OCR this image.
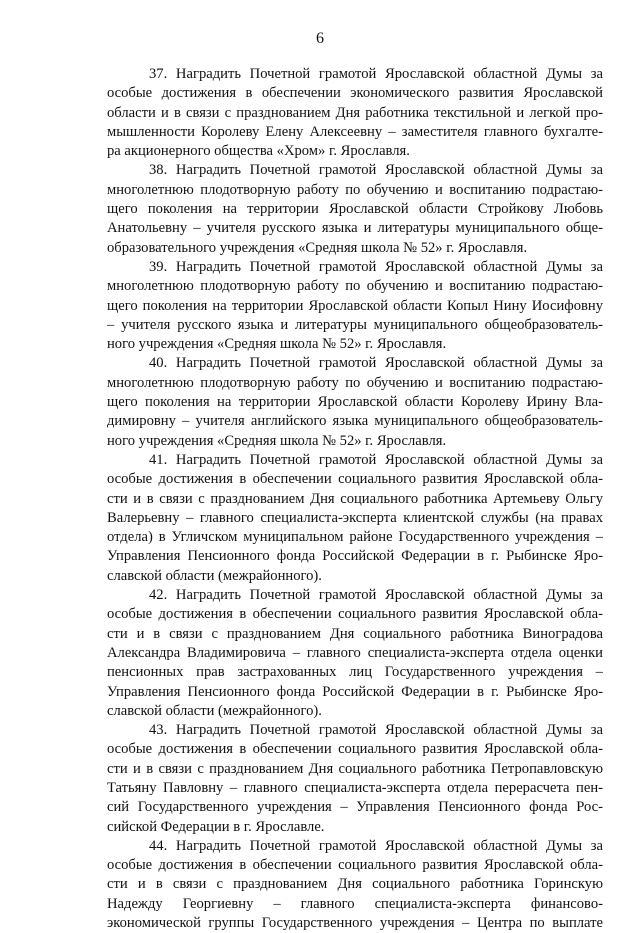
6
37. Наградить Почетной грамотой Ярославской областной Думы за
особые достижения в обеспечении экономического развития Ярославской
области и в связи с празднованием Дня работника текстильной и легкой про-
мышленности Королеву Елену Алексеевну – заместителя главного бухгалте-
ра акционерного общества «Хром» г. Ярославля.
38. Наградить Почетной грамотой Ярославской областной Думы за
многолетнюю плодотворную работу по обучению и воспитанию подрастаю-
щего поколения на территории Ярославской области Стройкову Любовь
Анатольевну – учителя русского языка и литературы муниципального обще-
образовательного учреждения «Средняя школа № 52» г. Ярославля.
39. Наградить Почетной грамотой Ярославской областной Думы за
многолетнюю плодотворную работу по обучению и воспитанию подрастаю-
щего поколения на территории Ярославской области Копыл Нину Иосифовну
– учителя русского языка и литературы муниципального общеобразователь-
ного учреждения «Средняя школа № 52» г. Ярославля.
40. Наградить Почетной грамотой Ярославской областной Думы за
многолетнюю плодотворную работу по обучению и воспитанию подрастаю-
щего поколения на территории Ярославской области Королеву Ирину Вла-
димировну – учителя английского языка муниципального общеобразователь-
ного учреждения «Средняя школа № 52» г. Ярославля.
41. Наградить Почетной грамотой Ярославской областной Думы за
особые достижения в обеспечении социального развития Ярославской обла-
сти и в связи с празднованием Дня социального работника Артемьеву Ольгу
Валерьевну – главного специалиста-эксперта клиентской службы (на правах
отдела) в Угличском муниципальном районе Государственного учреждения –
Управления Пенсионного фонда Российской Федерации в г. Рыбинске Яро-
славской области (межрайонного).
42. Наградить Почетной грамотой Ярославской областной Думы за
особые достижения в обеспечении социального развития Ярославской обла-
сти и в связи с празднованием Дня социального работника Виноградова
Александра Владимировича – главного специалиста-эксперта отдела оценки
пенсионных прав застрахованных лиц Государственного учреждения –
Управления Пенсионного фонда Российской Федерации в г. Рыбинске Яро-
славской области (межрайонного).
43. Наградить Почетной грамотой Ярославской областной Думы за
особые достижения в обеспечении социального развития Ярославской обла-
сти и в связи с празднованием Дня социального работника Петропавловскую
Татьяну Павловну – главного специалиста-эксперта отдела перерасчета пен-
сий Государственного учреждения – Управления Пенсионного фонда Рос-
сийской Федерации в г. Ярославле.
44. Наградить Почетной грамотой Ярославской областной Думы за
особые достижения в обеспечении социального развития Ярославской обла-
сти и в связи с празднованием Дня социального работника Горинскую
Надежду Георгиевну – главного специалиста-эксперта финансово-
экономической группы Государственного учреждения – Центра по выплате
